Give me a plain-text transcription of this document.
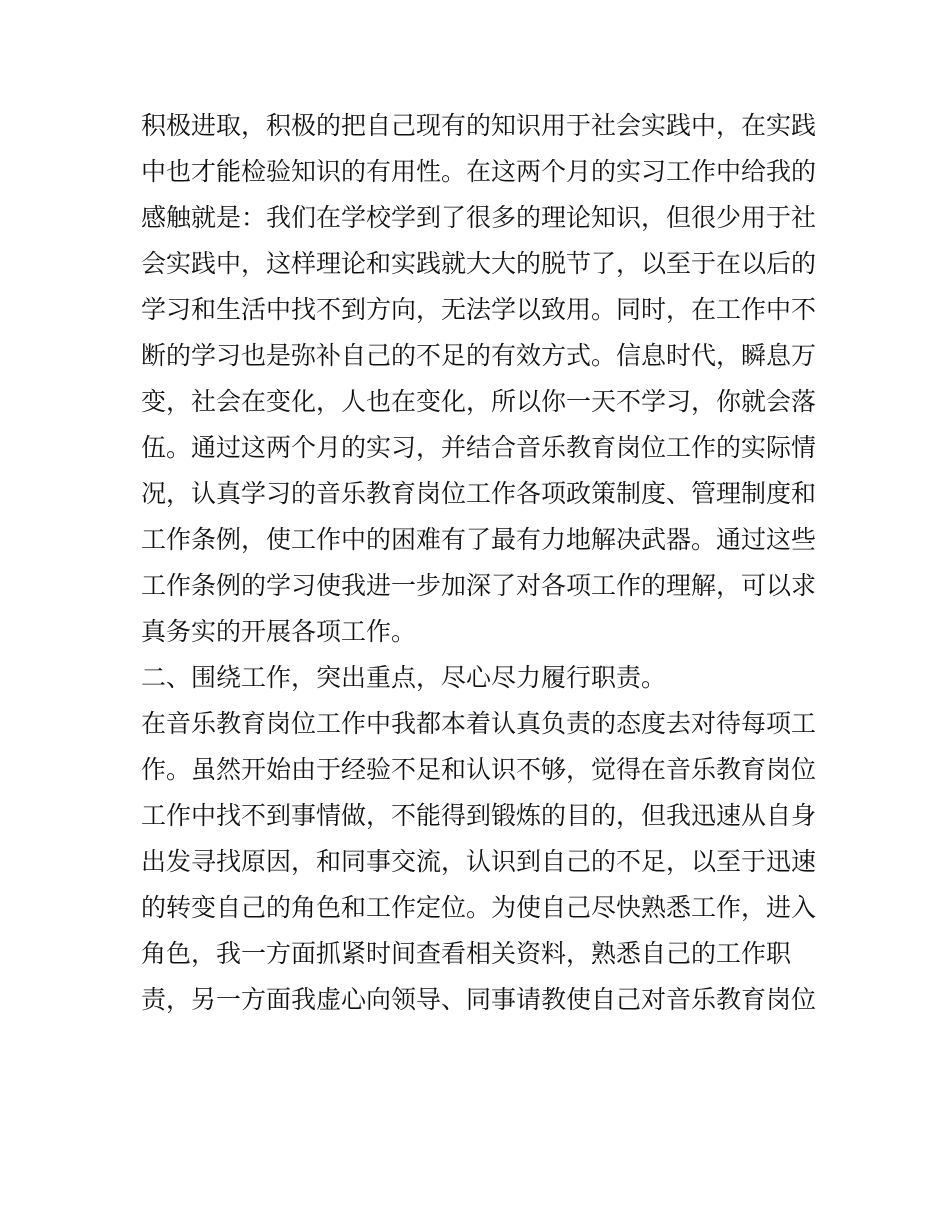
积极进取，积极的把自己现有的知识用于社会实践中，在实践

中也才能检验知识的有用性。在这两个月的实习工作中给我的

感触就是：我们在学校学到了很多的理论知识，但很少用于社

会实践中，这样理论和实践就大大的脱节了，以至于在以后的

学习和生活中找不到方向，无法学以致用。同时，在工作中不

断的学习也是弥补自己的不足的有效方式。信息时代，瞬息万

变，社会在变化，人也在变化，所以你一天不学习，你就会落

伍。通过这两个月的实习，并结合音乐教育岗位工作的实际情

况，认真学习的音乐教育岗位工作各项政策制度、管理制度和

工作条例，使工作中的困难有了最有力地解决武器。通过这些

工作条例的学习使我进一步加深了对各项工作的理解，可以求

真务实的开展各项工作。

二、围绕工作，突出重点，尽心尽力履行职责。

在音乐教育岗位工作中我都本着认真负责的态度去对待每项工

作。虽然开始由于经验不足和认识不够，觉得在音乐教育岗位

工作中找不到事情做，不能得到锻炼的目的，但我迅速从自身

出发寻找原因，和同事交流，认识到自己的不足，以至于迅速

的转变自己的角色和工作定位。为使自己尽快熟悉工作，进入

角色，我一方面抓紧时间查看相关资料，熟悉自己的工作职

责，另一方面我虚心向领导、同事请教使自己对音乐教育岗位
